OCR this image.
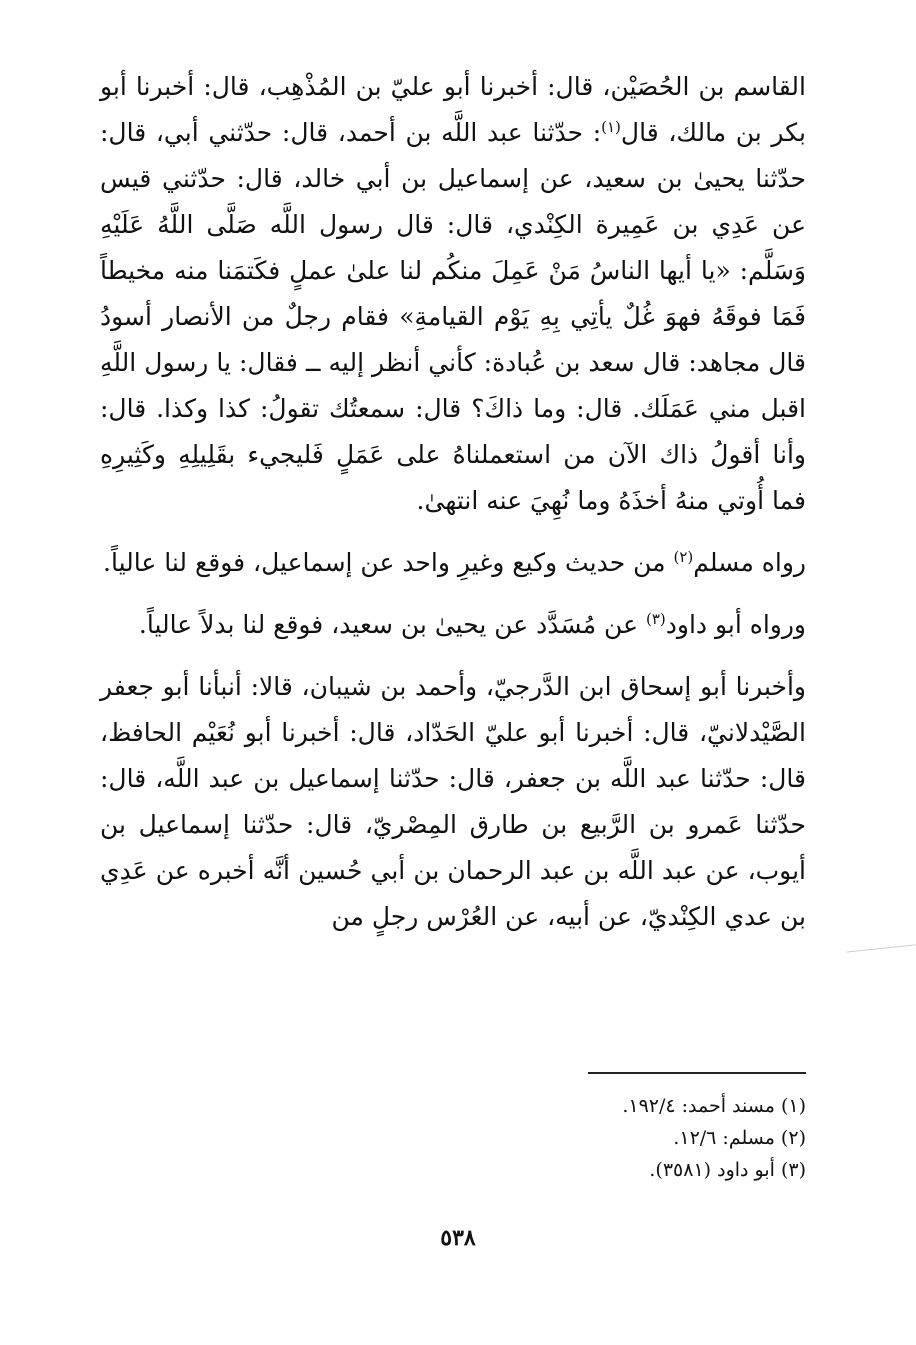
القاسم بن الحُصَيْن، قال: أخبرنا أبو عليّ بن المُذْهِب، قال: أخبرنا أبو بكر بن مالك، قال$^{(١)}$: حدّثنا عبد اللَّه بن أحمد، قال: حدّثني أبي، قال: حدّثنا يحيىٰ بن سعيد، عن إسماعيل بن أبي خالد، قال: حدّثني قيس عن عَدِي بن عَمِيرة الكِنْدي، قال: قال رسول اللَّه صَلَّى اللَّهُ عَلَيْهِ وَسَلَّم: «يا أيها الناسُ مَنْ عَمِلَ منكُم لنا علىٰ عملٍ فكَتمَنا منه مخيطاً فَمَا فوقَهُ فهوَ غُلٌ يأتِي بِهِ يَوْم القيامةِ» فقام رجلٌ من الأنصار أسودُ قال مجاهد: قال سعد بن عُبادة: كأني أنظر إليه ــ فقال: يا رسول اللَّهِ اقبل مني عَمَلَك. قال: وما ذاكَ؟ قال: سمعتُك تقولُ: كذا وكذا. قال: وأنا أقولُ ذاك الآن من استعملناهُ على عَمَلٍ فَليجيء بقَلِيلِهِ وكَثِيرِهِ فما أُوتي منهُ أخذَهُ وما نُهِيَ عنه انتهىٰ.

رواه مسلم$^{(٢)}$ من حديث وكيع وغيرِ واحد عن إسماعيل، فوقع لنا عالياً.

ورواه أبو داود$^{(٣)}$ عن مُسَدَّد عن يحيىٰ بن سعيد، فوقع لنا بدلاً عالياً.

وأخبرنا أبو إسحاق ابن الدَّرجيّ، وأحمد بن شيبان، قالا: أنبأنا أبو جعفر الصَّيْدلانيّ، قال: أخبرنا أبو عليّ الحَدّاد، قال: أخبرنا أبو نُعَيْم الحافظ، قال: حدّثنا عبد اللَّه بن جعفر، قال: حدّثنا إسماعيل بن عبد اللَّه، قال: حدّثنا عَمرو بن الرَّبيع بن طارق المِصْريّ، قال: حدّثنا إسماعيل بن أيوب، عن عبد اللَّه بن عبد الرحمان بن أبي حُسين أنَّه أخبره عن عَدِي بن عدي الكِنْديّ، عن أبيه، عن العُرْس رجلٍ من

(١) مسند أحمد: ١٩٢/٤.
(٢) مسلم: ١٢/٦.
(٣) أبو داود (٣٥٨١).
٥٣٨
